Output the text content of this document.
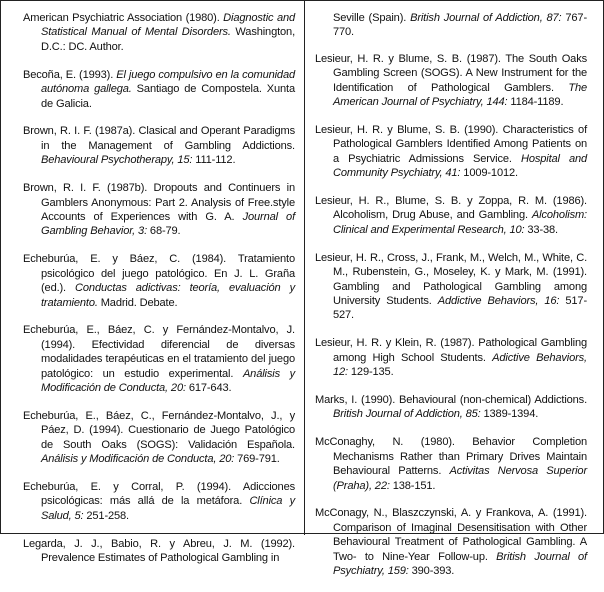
American Psychiatric Association (1980). Diagnostic and Statistical Manual of Mental Disorders. Washington, D.C.: DC. Author.

Becoña, E. (1993). El juego compulsivo en la comunidad autónoma gallega. Santiago de Compostela. Xunta de Galicia.

Brown, R. I. F. (1987a). Clasical and Operant Paradigms in the Management of Gambling Addictions. Behavioural Psychotherapy, 15: 111-112.

Brown, R. I. F. (1987b). Dropouts and Continuers in Gamblers Anonymous: Part 2. Analysis of Free.style Accounts of Experiences with G. A. Journal of Gambling Behavior, 3: 68-79.

Echeburúa, E. y Báez, C. (1984). Tratamiento psicológico del juego patológico. En J. L. Graña (ed.). Conductas adictivas: teoría, evaluación y tratamiento. Madrid. Debate.

Echeburúa, E., Báez, C. y Fernández-Montalvo, J. (1994). Efectividad diferencial de diversas modalidades terapéuticas en el tratamiento del juego patológico: un estudio experimental. Análisis y Modificación de Conducta, 20: 617-643.

Echeburúa, E., Báez, C., Fernández-Montalvo, J., y Páez, D. (1994). Cuestionario de Juego Patológico de South Oaks (SOGS): Validación Española. Análisis y Modificación de Conducta, 20: 769-791.

Echeburúa, E. y Corral, P. (1994). Adicciones psicológicas: más allá de la metáfora. Clínica y Salud, 5: 251-258.

Legarda, J. J., Babio, R. y Abreu, J. M. (1992). Prevalence Estimates of Pathological Gambling in

Seville (Spain). British Journal of Addiction, 87: 767-770.

Lesieur, H. R. y Blume, S. B. (1987). The South Oaks Gambling Screen (SOGS). A New Instrument for the Identification of Pathological Gamblers. The American Journal of Psychiatry, 144: 1184-1189.

Lesieur, H. R. y Blume, S. B. (1990). Characteristics of Pathological Gamblers Identified Among Patients on a Psychiatric Admissions Service. Hospital and Community Psychiatry, 41: 1009-1012.

Lesieur, H. R., Blume, S. B. y Zoppa, R. M. (1986). Alcoholism, Drug Abuse, and Gambling. Alcoholism: Clinical and Experimental Research, 10: 33-38.

Lesieur, H. R., Cross, J., Frank, M., Welch, M., White, C. M., Rubenstein, G., Moseley, K. y Mark, M. (1991). Gambling and Pathological Gambling among University Students. Addictive Behaviors, 16: 517-527.

Lesieur, H. R. y Klein, R. (1987). Pathological Gambling among High School Students. Adictive Behaviors, 12: 129-135.

Marks, I. (1990). Behavioural (non-chemical) Addictions. British Journal of Addiction, 85: 1389-1394.

McConaghy, N. (1980). Behavior Completion Mechanisms Rather than Primary Drives Maintain Behavioural Patterns. Activitas Nervosa Superior (Praha), 22: 138-151.

McConagy, N., Blaszczynski, A. y Frankova, A. (1991). Comparison of Imaginal Desensitisation with Other Behavioural Treatment of Pathological Gambling. A Two- to Nine-Year Follow-up. British Journal of Psychiatry, 159: 390-393.
